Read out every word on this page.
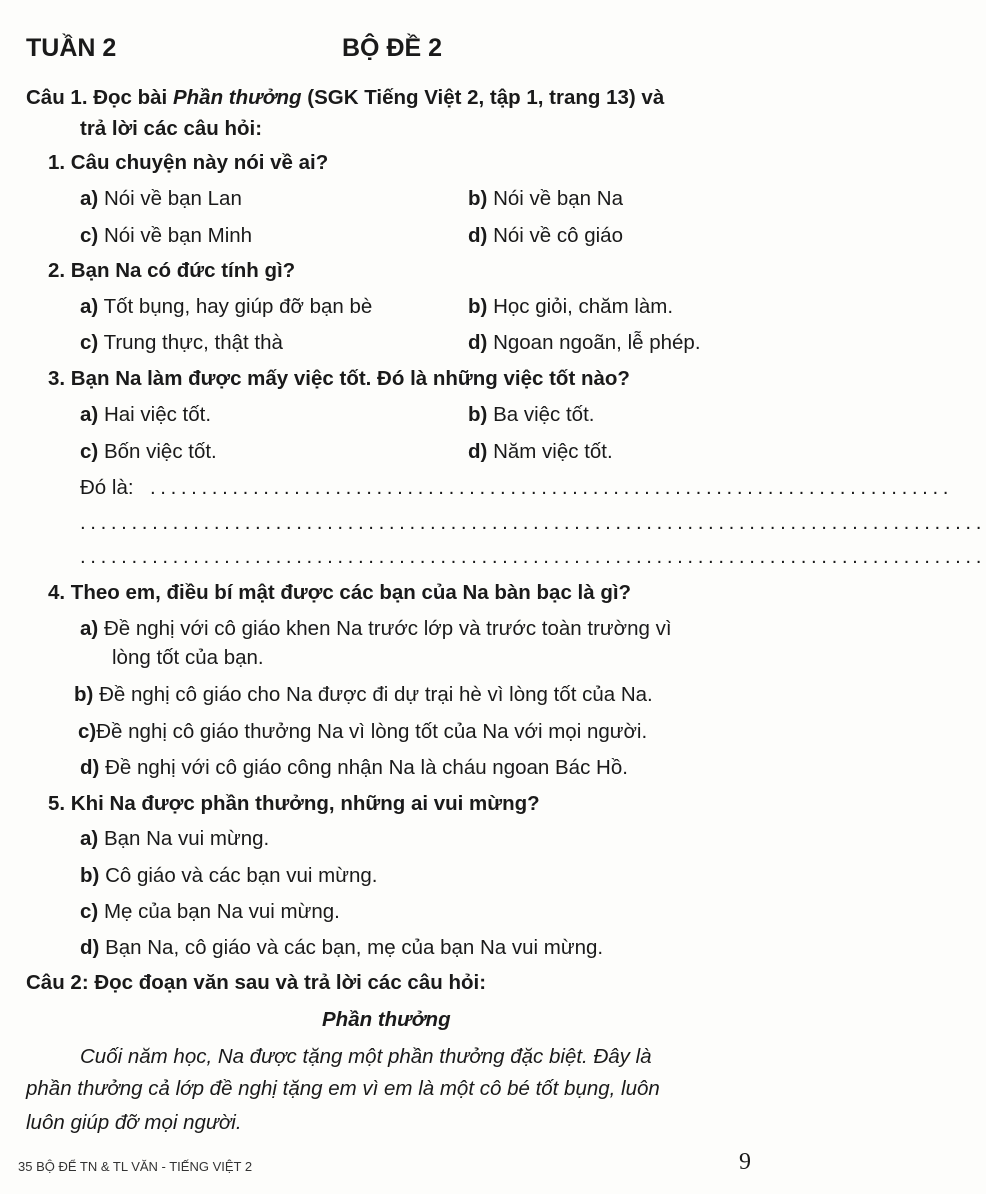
TUẦN 2	BỘ ĐỀ 2
Câu 1. Đọc bài Phần thưởng (SGK Tiếng Việt 2, tập 1, trang 13) và
trả lời các câu hỏi:
1. Câu chuyện này nói về ai?
a) Nói về bạn Lan	b) Nói về bạn Na
c) Nói về bạn Minh	d) Nói về cô giáo
2. Bạn Na có đức tính gì?
a) Tốt bụng, hay giúp đỡ bạn bè	b) Học giỏi, chăm làm.
c) Trung thực, thật thà	d) Ngoan ngoãn, lễ phép.
3. Bạn Na làm được mấy việc tốt. Đó là những việc tốt nào?
a) Hai việc tốt.	b) Ba việc tốt.
c) Bốn việc tốt.	d) Năm việc tốt.
Đó là: ..............................................................................
........................................................................................
........................................................................................
4. Theo em, điều bí mật được các bạn của Na bàn bạc là gì?
a) Đề nghị với cô giáo khen Na trước lớp và trước toàn trường vì
lòng tốt của bạn.
b) Đề nghị cô giáo cho Na được đi dự trại hè vì lòng tốt của Na.
c)Đề nghị cô giáo thưởng Na vì lòng tốt của Na với mọi người.
d) Đề nghị với cô giáo công nhận Na là cháu ngoan Bác Hồ.
5. Khi Na được phần thưởng, những ai vui mừng?
a) Bạn Na vui mừng.
b) Cô giáo và các bạn vui mừng.
c) Mẹ của bạn Na vui mừng.
d) Bạn Na, cô giáo và các bạn, mẹ của bạn Na vui mừng.
Câu 2: Đọc đoạn văn sau và trả lời các câu hỏi:
Phần thưởng
Cuối năm học, Na được tặng một phần thưởng đặc biệt. Đây là
phần thưởng cả lớp đề nghị tặng em vì em là một cô bé tốt bụng, luôn
luôn giúp đỡ mọi người.
35 BỘ ĐỂ TN & TL VĂN - TIẾNG VIỆT 2	9
